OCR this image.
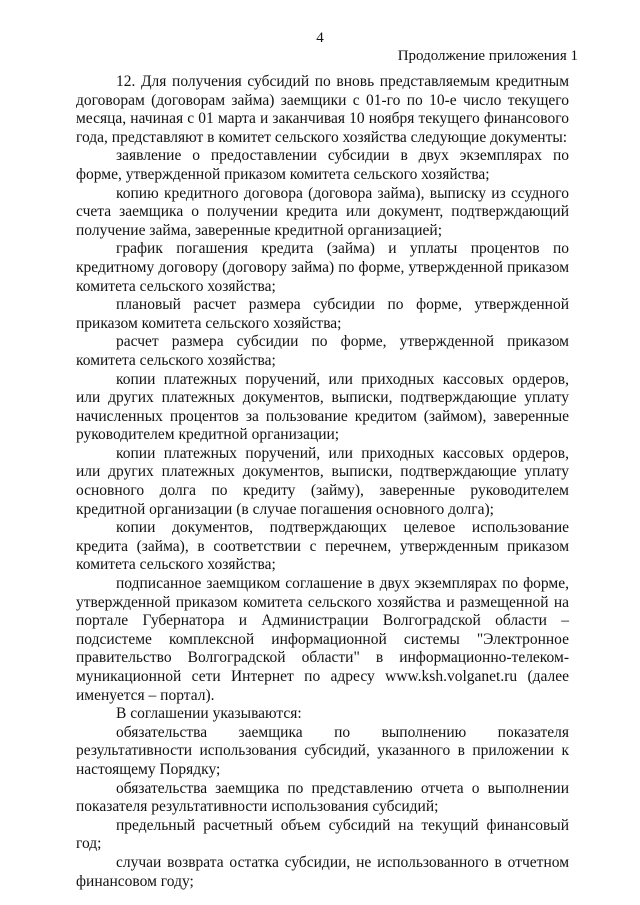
4
Продолжение приложения 1

12. Для получения субсидий по вновь представляемым кредитным договорам (договорам займа) заемщики с 01-го по 10-е число текущего месяца, начиная с 01 марта и заканчивая 10 ноября текущего финансового года, представляют в комитет сельского хозяйства следующие документы:

заявление о предоставлении субсидии в двух экземплярах по форме, утвержденной приказом комитета сельского хозяйства;

копию кредитного договора (договора займа), выписку из ссудного счета заемщика о получении кредита или документ, подтверждающий получение займа, заверенные кредитной организацией;

график погашения кредита (займа) и уплаты процентов по кредитному договору (договору займа) по форме, утвержденной приказом комитета сельского хозяйства;

плановый расчет размера субсидии по форме, утвержденной приказом комитета сельского хозяйства;

расчет размера субсидии по форме, утвержденной приказом комитета сельского хозяйства;

копии платежных поручений, или приходных кассовых ордеров, или других платежных документов, выписки, подтверждающие уплату начисленных процентов за пользование кредитом (займом), заверенные руководителем кредитной организации;

копии платежных поручений, или приходных кассовых ордеров, или других платежных документов, выписки, подтверждающие уплату основного долга по кредиту (займу), заверенные руководителем кредитной организации (в случае погашения основного долга);

копии документов, подтверждающих целевое использование кредита (займа), в соответствии с перечнем, утвержденным приказом комитета сельского хозяйства;

подписанное заемщиком соглашение в двух экземплярах по форме, утвержденной приказом комитета сельского хозяйства и размещенной на портале Губернатора и Администрации Волгоградской области – подсистеме комплексной информационной системы "Электронное правительство Волгоградской области" в информационно-телекоммуникационной сети Интернет по адресу www.ksh.volganet.ru (далее именуется – портал).

В соглашении указываются:

обязательства заемщика по выполнению показателя результативности использования субсидий, указанного в приложении к настоящему Порядку;

обязательства заемщика по представлению отчета о выполнении показателя результативности использования субсидий;

предельный расчетный объем субсидий на текущий финансовый год;

случаи возврата остатка субсидии, не использованного в отчетном финансовом году;
